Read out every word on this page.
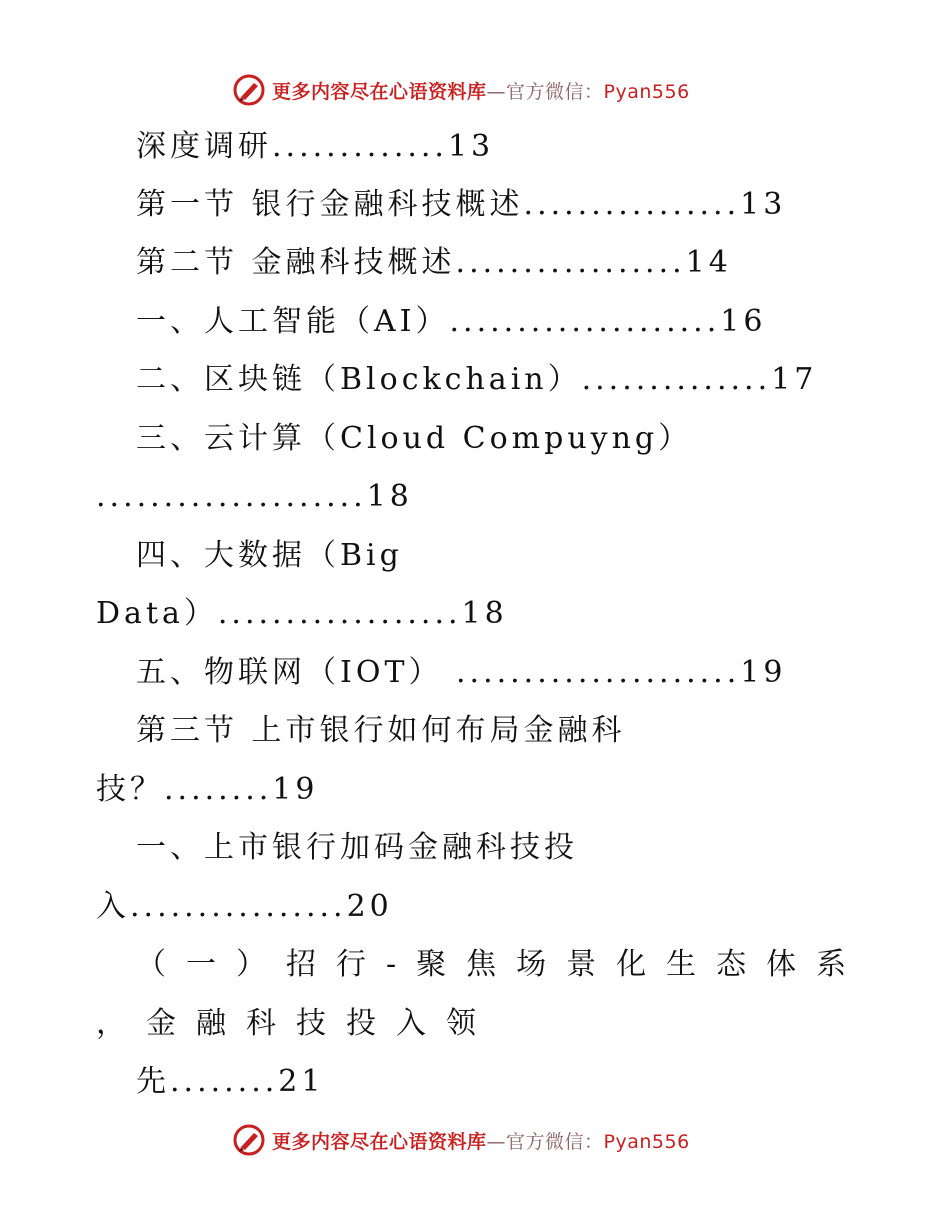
更多内容尽在心语资料库—官方微信：Pyan556
深度调研.............13
第一节 银行金融科技概述................13
第二节 金融科技概述.................14
一、人工智能（AI）....................16
二、区块链（Blockchain）..............17
三、云计算（Cloud Compuyng）
....................18
四、大数据（Big
Data）..................18
五、物联网（IOT） .....................19
第三节 上市银行如何布局金融科
技？........19
一、上市银行加码金融科技投
入................20
（一）招行-聚焦场景化生态体系
，金融科技投入领
先........21
更多内容尽在心语资料库—官方微信：Pyan556
